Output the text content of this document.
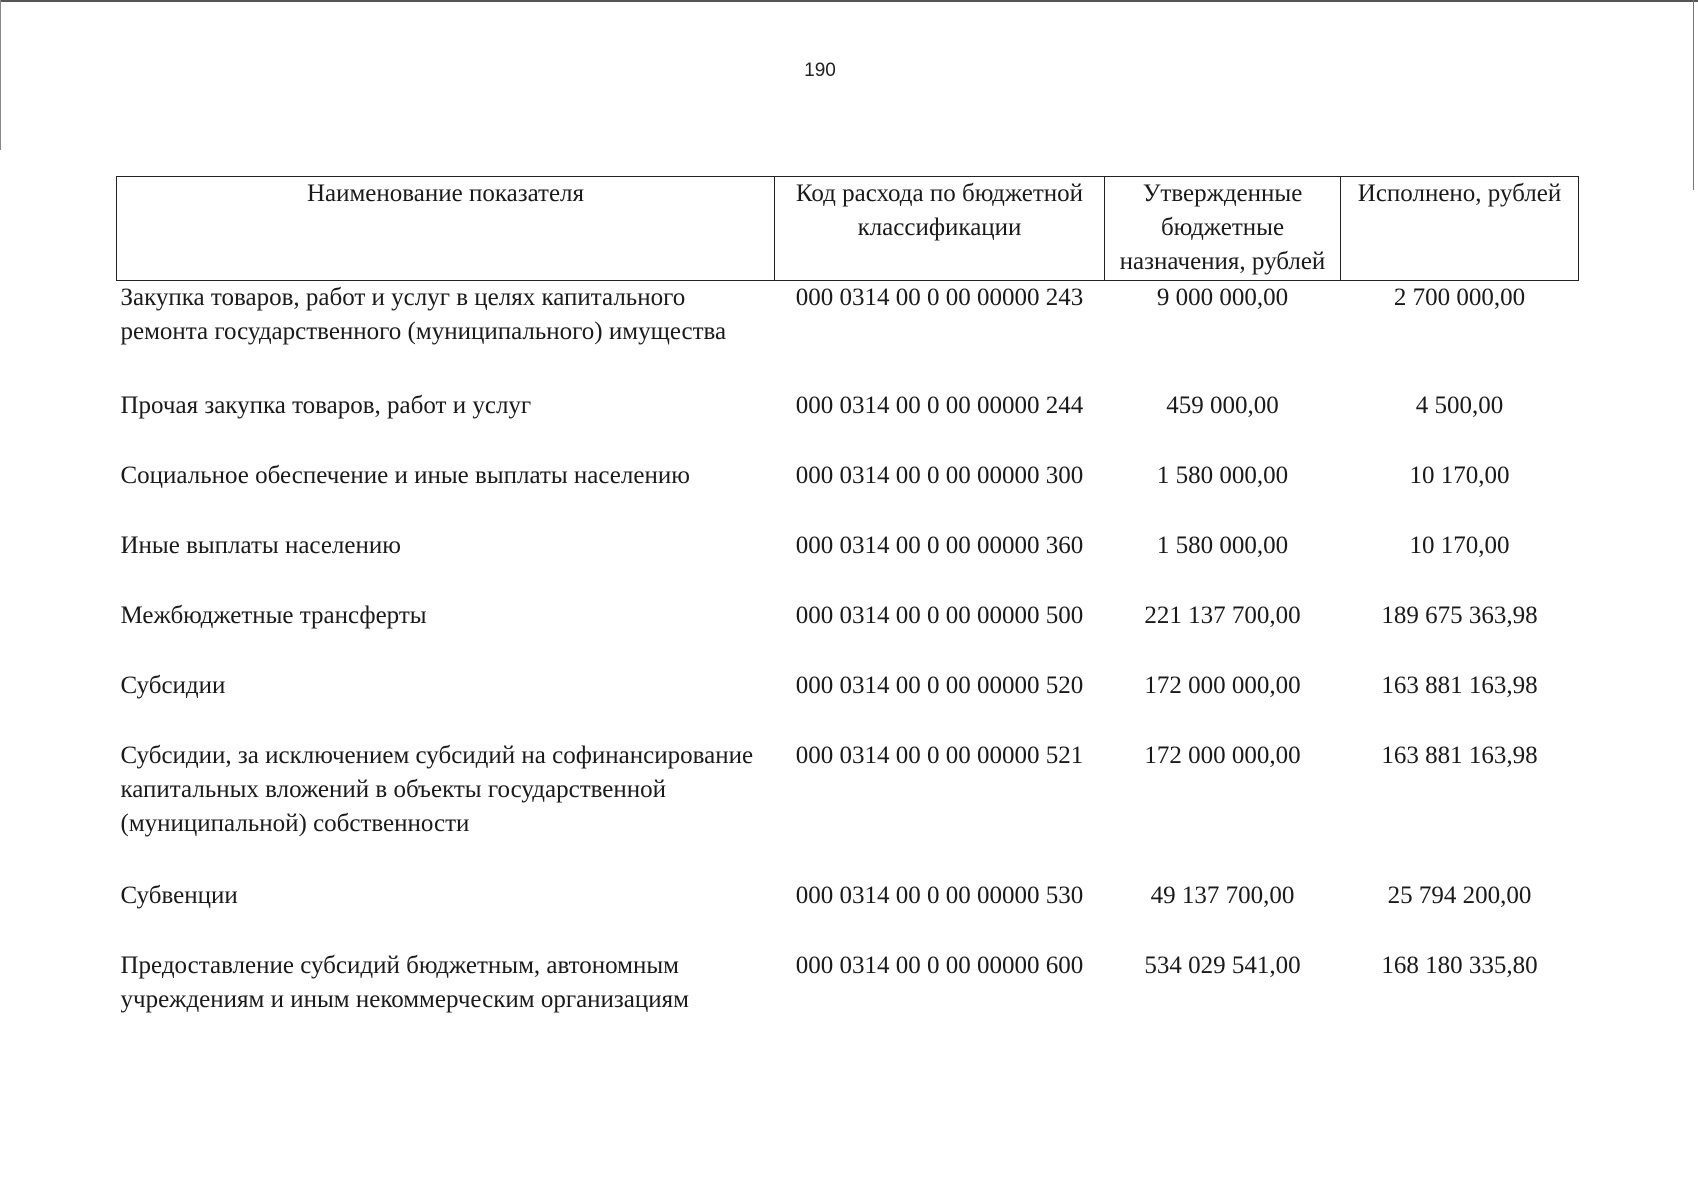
190
Наименование показателя	Код расхода по бюджетной классификации	Утвержденные бюджетные назначения, рублей	Исполнено, рублей
Закупка товаров, работ и услуг в целях капитального ремонта государственного (муниципального) имущества	000 0314 00 0 00 00000 243	9 000 000,00	2 700 000,00
Прочая закупка товаров, работ и услуг	000 0314 00 0 00 00000 244	459 000,00	4 500,00
Социальное обеспечение и иные выплаты населению	000 0314 00 0 00 00000 300	1 580 000,00	10 170,00
Иные выплаты населению	000 0314 00 0 00 00000 360	1 580 000,00	10 170,00
Межбюджетные трансферты	000 0314 00 0 00 00000 500	221 137 700,00	189 675 363,98
Субсидии	000 0314 00 0 00 00000 520	172 000 000,00	163 881 163,98
Субсидии, за исключением субсидий на софинансирование капитальных вложений в объекты государственной (муниципальной) собственности	000 0314 00 0 00 00000 521	172 000 000,00	163 881 163,98
Субвенции	000 0314 00 0 00 00000 530	49 137 700,00	25 794 200,00
Предоставление субсидий бюджетным, автономным учреждениям и иным некоммерческим организациям	000 0314 00 0 00 00000 600	534 029 541,00	168 180 335,80
